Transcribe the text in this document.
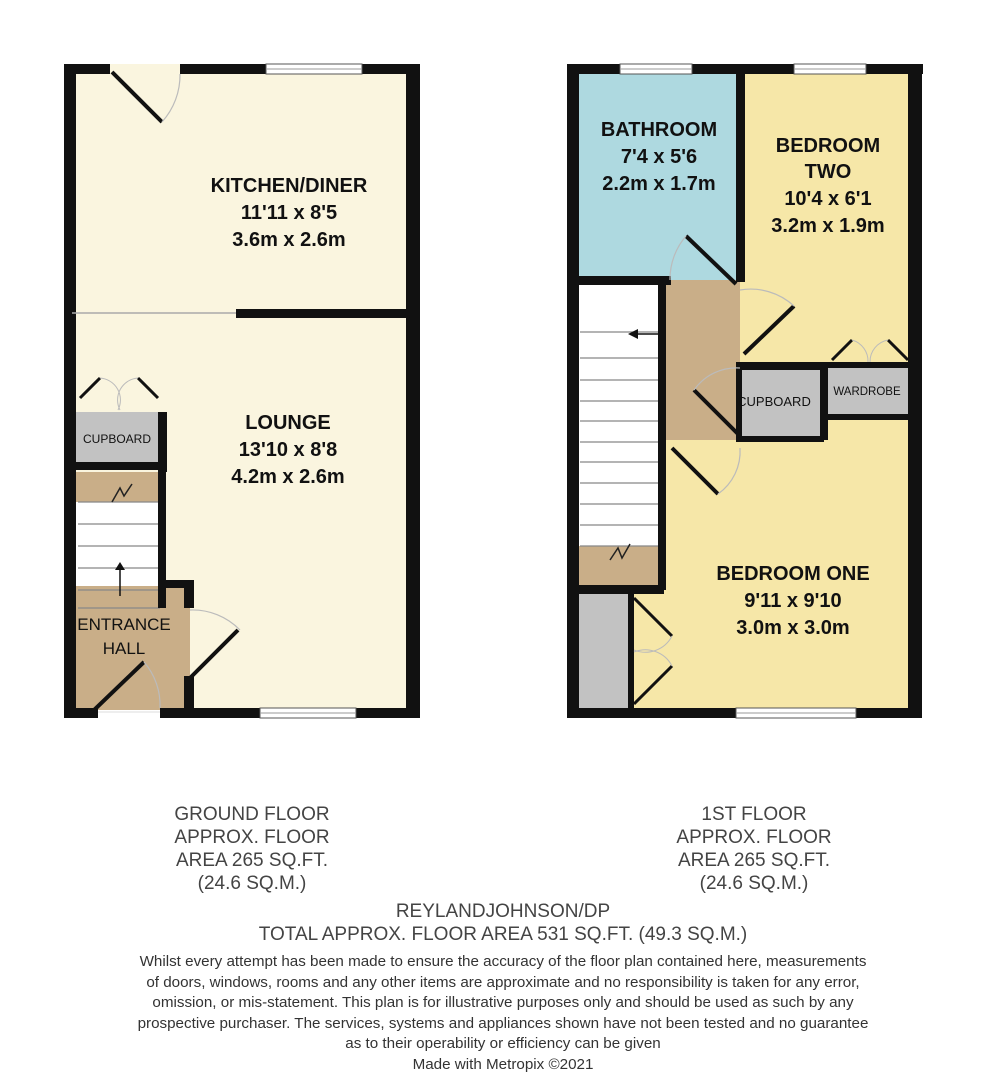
KITCHEN/DINER
11'11 x 8'5
3.6m x 2.6m
LOUNGE
13'10 x 8'8
4.2m x 2.6m
CUPBOARD
ENTRANCE
HALL
BATHROOM
7'4 x 5'6
2.2m x 1.7m
BEDROOM
TWO
10'4 x 6'1
3.2m x 1.9m
BEDROOM ONE
9'11 x 9'10
3.0m x 3.0m
CUPBOARD
WARDROBE
GROUND FLOOR
APPROX. FLOOR
AREA 265 SQ.FT.
(24.6 SQ.M.)
1ST FLOOR
APPROX. FLOOR
AREA 265 SQ.FT.
(24.6 SQ.M.)
REYLANDJOHNSON/DP
TOTAL APPROX. FLOOR AREA 531 SQ.FT. (49.3 SQ.M.)
Whilst every attempt has been made to ensure the accuracy of the floor plan contained here, measurements
of doors, windows, rooms and any other items are approximate and no responsibility is taken for any error,
omission, or mis-statement. This plan is for illustrative purposes only and should be used as such by any
prospective purchaser. The services, systems and appliances shown have not been tested and no guarantee
as to their operability or efficiency can be given
Made with Metropix ©2021
